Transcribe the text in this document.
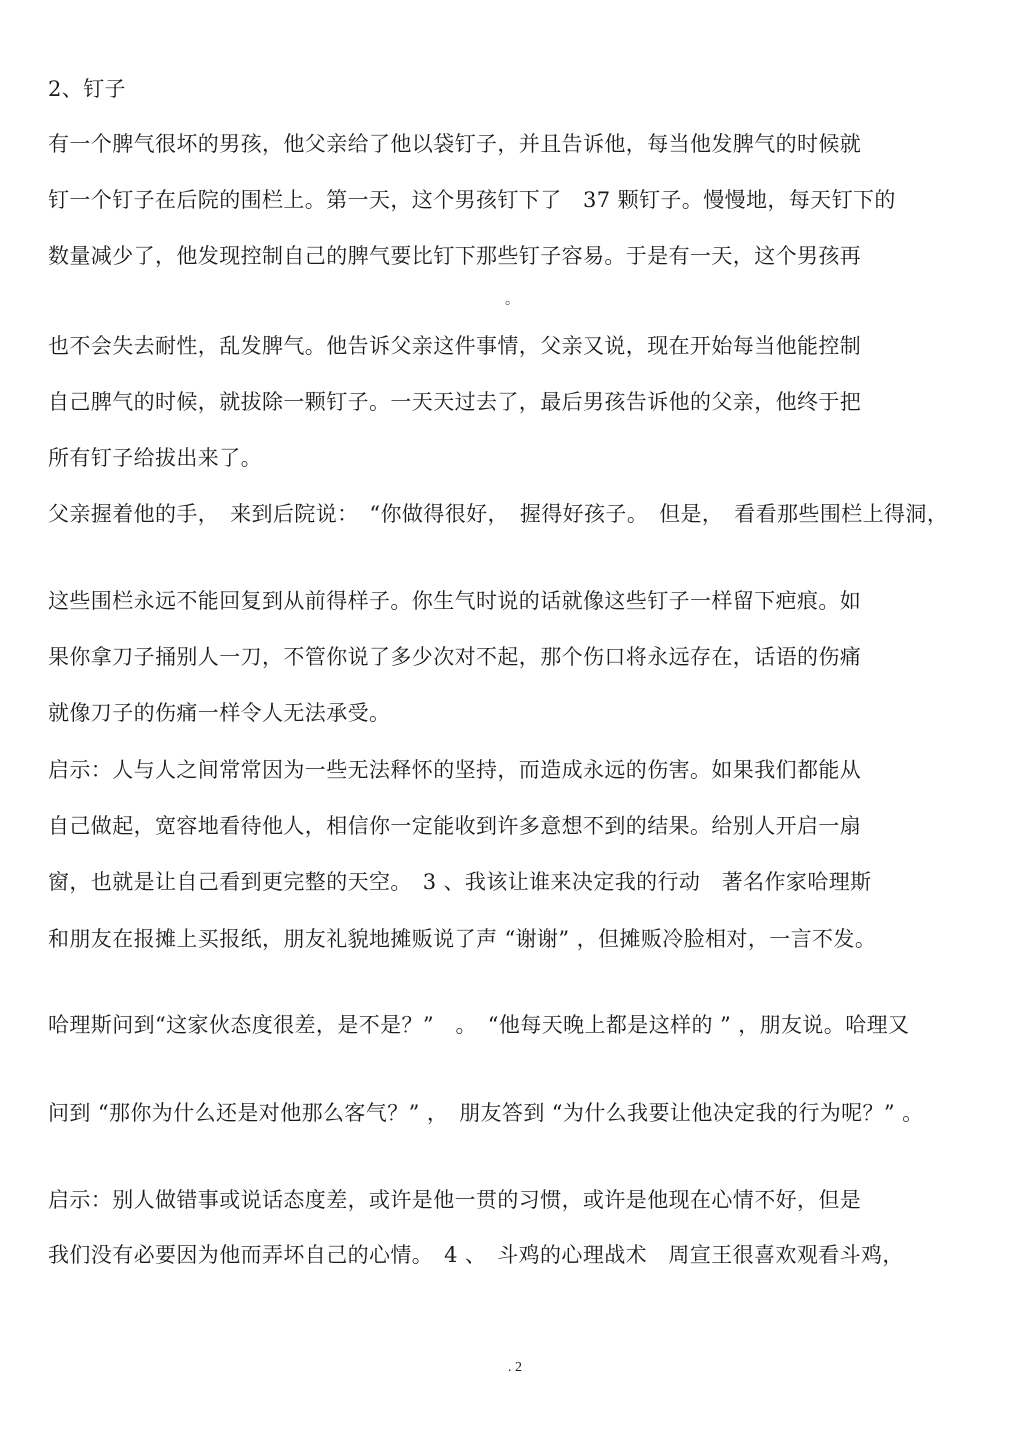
2、钉子
有一个脾气很坏的男孩，他父亲给了他以袋钉子，并且告诉他，每当他发脾气的时候就
钉一个钉子在后院的围栏上。第一天，这个男孩钉下了　37 颗钉子。慢慢地，每天钉下的
数量减少了，他发现控制自己的脾气要比钉下那些钉子容易。于是有一天，这个男孩再
。
也不会失去耐性，乱发脾气。他告诉父亲这件事情，父亲又说，现在开始每当他能控制
自己脾气的时候，就拔除一颗钉子。一天天过去了，最后男孩告诉他的父亲，他终于把
所有钉子给拔出来了。
父亲握着他的手，　来到后院说：　“你做得很好，　握得好孩子。　但是，　看看那些围栏上得洞，
这些围栏永远不能回复到从前得样子。你生气时说的话就像这些钉子一样留下疤痕。如
果你拿刀子捅别人一刀，不管你说了多少次对不起，那个伤口将永远存在，话语的伤痛
就像刀子的伤痛一样令人无法承受。
启示：人与人之间常常因为一些无法释怀的坚持，而造成永远的伤害。如果我们都能从
自己做起，宽容地看待他人，相信你一定能收到许多意想不到的结果。给别人开启一扇
窗，也就是让自己看到更完整的天空。　3 、我该让谁来决定我的行动　著名作家哈理斯
和朋友在报摊上买报纸，朋友礼貌地摊贩说了声 “谢谢” ，但摊贩冷脸相对，一言不发。
哈理斯问到“这家伙态度很差，是不是？”　。　“他每天晚上都是这样的 ” ，朋友说。哈理又
问到 “那你为什么还是对他那么客气？” ，　朋友答到 “为什么我要让他决定我的行为呢？” 。
启示：别人做错事或说话态度差，或许是他一贯的习惯，或许是他现在心情不好，但是
我们没有必要因为他而弄坏自己的心情。　4 、　斗鸡的心理战术　周宣王很喜欢观看斗鸡，
. 2
